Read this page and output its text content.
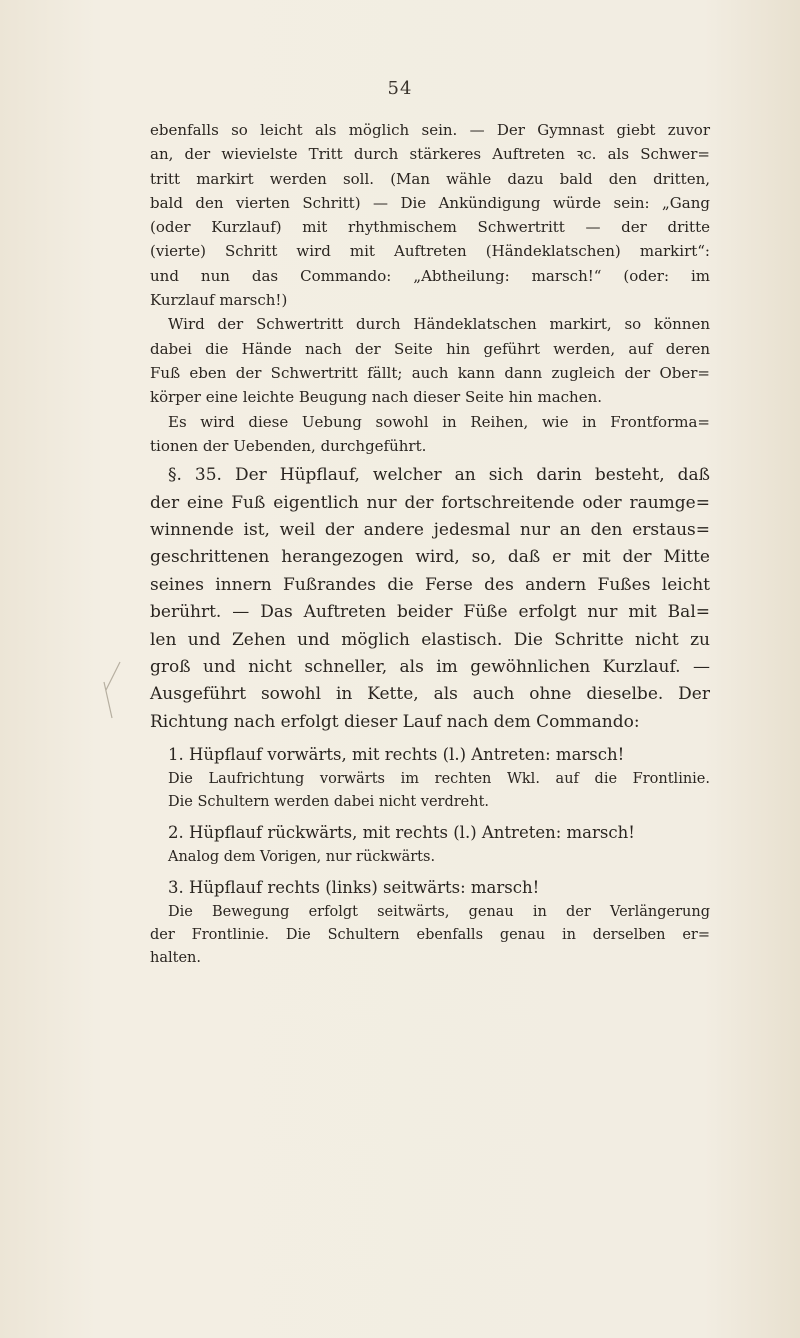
54
ebenfalls so leicht als möglich sein. — Der Gymnast giebt zuvor
an, der wievielste Tritt durch stärkeres Auftreten ꝛc. als Schwer=
tritt markirt werden soll. (Man wähle dazu bald den dritten,
bald den vierten Schritt) — Die Ankündigung würde sein: „Gang
(oder Kurzlauf) mit rhythmischem Schwertritt — der dritte
(vierte) Schritt wird mit Auftreten (Händeklatschen) markirt“:
und nun das Commando: „Abtheilung: marsch!“ (oder: im
Kurzlauf marsch!)
Wird der Schwertritt durch Händeklatschen markirt, so können
dabei die Hände nach der Seite hin geführt werden, auf deren
Fuß eben der Schwertritt fällt; auch kann dann zugleich der Ober=
körper eine leichte Beugung nach dieser Seite hin machen.
Es wird diese Uebung sowohl in Reihen, wie in Frontforma=
tionen der Uebenden, durchgeführt.
§. 35. Der Hüpflauf, welcher an sich darin besteht, daß
der eine Fuß eigentlich nur der fortschreitende oder raumge=
winnende ist, weil der andere jedesmal nur an den erstaus=
geschrittenen herangezogen wird, so, daß er mit der Mitte
seines innern Fußrandes die Ferse des andern Fußes leicht
berührt. — Das Auftreten beider Füße erfolgt nur mit Bal=
len und Zehen und möglich elastisch. Die Schritte nicht zu
groß und nicht schneller, als im gewöhnlichen Kurzlauf. —
Ausgeführt sowohl in Kette, als auch ohne dieselbe. Der
Richtung nach erfolgt dieser Lauf nach dem Commando:
1. Hüpflauf vorwärts, mit rechts (l.) Antreten: marsch!
Die Laufrichtung vorwärts im rechten Wkl. auf die Frontlinie.
Die Schultern werden dabei nicht verdreht.
2. Hüpflauf rückwärts, mit rechts (l.) Antreten: marsch!
Analog dem Vorigen, nur rückwärts.
3. Hüpflauf rechts (links) seitwärts: marsch!
Die Bewegung erfolgt seitwärts, genau in der Verlängerung
der Frontlinie. Die Schultern ebenfalls genau in derselben er=
halten.
